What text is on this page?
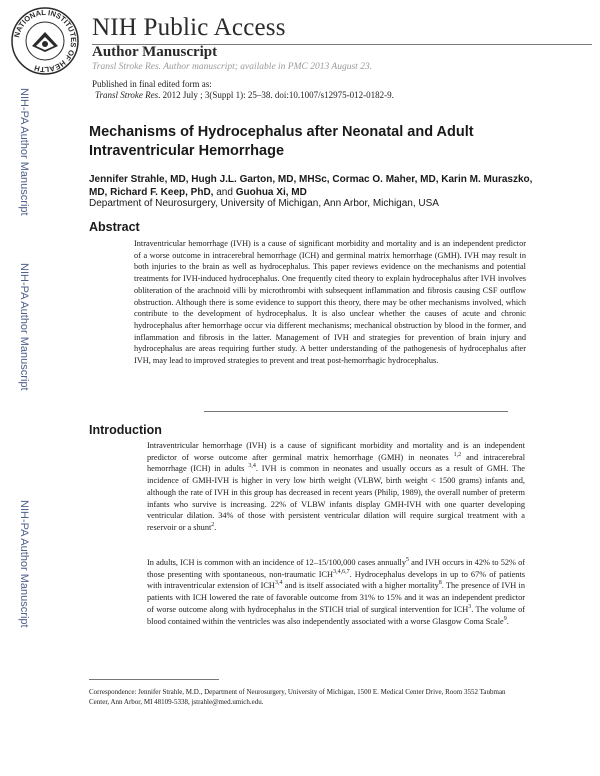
NATIONAL INSTITUTES OF HEALTH
NIH Public Access
Author Manuscript
Transl Stroke Res. Author manuscript; available in PMC 2013 August 23.
Published in final edited form as:
Transl Stroke Res. 2012 July ; 3(Suppl 1): 25–38. doi:10.1007/s12975-012-0182-9.
NIH-PA Author Manuscript
NIH-PA Author Manuscript
NIH-PA Author Manuscript
Mechanisms of Hydrocephalus after Neonatal and Adult Intraventricular Hemorrhage
Jennifer Strahle, MD, Hugh J.L. Garton, MD, MHSc, Cormac O. Maher, MD, Karin M. Muraszko, MD, Richard F. Keep, PhD, and Guohua Xi, MD
Department of Neurosurgery, University of Michigan, Ann Arbor, Michigan, USA
Abstract
Intraventricular hemorrhage (IVH) is a cause of significant morbidity and mortality and is an independent predictor of a worse outcome in intracerebral hemorrhage (ICH) and germinal matrix hemorrhage (GMH). IVH may result in both injuries to the brain as well as hydrocephalus. This paper reviews evidence on the mechanisms and potential treatments for IVH-induced hydrocephalus. One frequently cited theory to explain hydrocephalus after IVH involves obliteration of the arachnoid villi by microthrombi with subsequent inflammation and fibrosis causing CSF outflow obstruction. Although there is some evidence to support this theory, there may be other mechanisms involved, which contribute to the development of hydrocephalus. It is also unclear whether the causes of acute and chronic hydrocephalus after hemorrhage occur via different mechanisms; mechanical obstruction by blood in the former, and inflammation and fibrosis in the latter. Management of IVH and strategies for prevention of brain injury and hydrocephalus are areas requiring further study. A better understanding of the pathogenesis of hydrocephalus after IVH, may lead to improved strategies to prevent and treat post-hemorrhagic hydrocephalus.
Introduction
Intraventricular hemorrhage (IVH) is a cause of significant morbidity and mortality and is an independent predictor of worse outcome after germinal matrix hemorrhage (GMH) in neonates $^{1,2}$ and intracerebral hemorrhage (ICH) in adults $^{3,4}$. IVH is common in neonates and usually occurs as a result of GMH. The incidence of GMH-IVH is higher in very low birth weight (VLBW, birth weight < 1500 grams) infants and, although the rate of IVH in this group has decreased in recent years (Philip, 1989), the overall number of preterm infants who survive is increasing. 22% of VLBW infants display GMH-IVH with one quarter developing ventricular dilation. 34% of those with persistent ventricular dilation will require surgical treatment with a reservoir or a shunt$^2$.
In adults, ICH is common with an incidence of 12–15/100,000 cases annually$^5$ and IVH occurs in 42% to 52% of those presenting with spontaneous, non-traumatic ICH$^{3,4,6,7}$. Hydrocephalus develops in up to 67% of patients with intraventricular extension of ICH$^{3,4}$ and is itself associated with a higher mortality$^8$. The presence of IVH in patients with ICH lowered the rate of favorable outcome from 31% to 15% and it was an independent predictor of worse outcome along with hydrocephalus in the STICH trial of surgical intervention for ICH$^3$. The volume of blood contained within the ventricles was also independently associated with a worse Glasgow Coma Scale$^9$.
Correspondence: Jennifer Strahle, M.D., Department of Neurosurgery, University of Michigan, 1500 E. Medical Center Drive, Room 3552 Taubman Center, Ann Arbor, MI 48109-5338, jstrahle@med.umich.edu.
